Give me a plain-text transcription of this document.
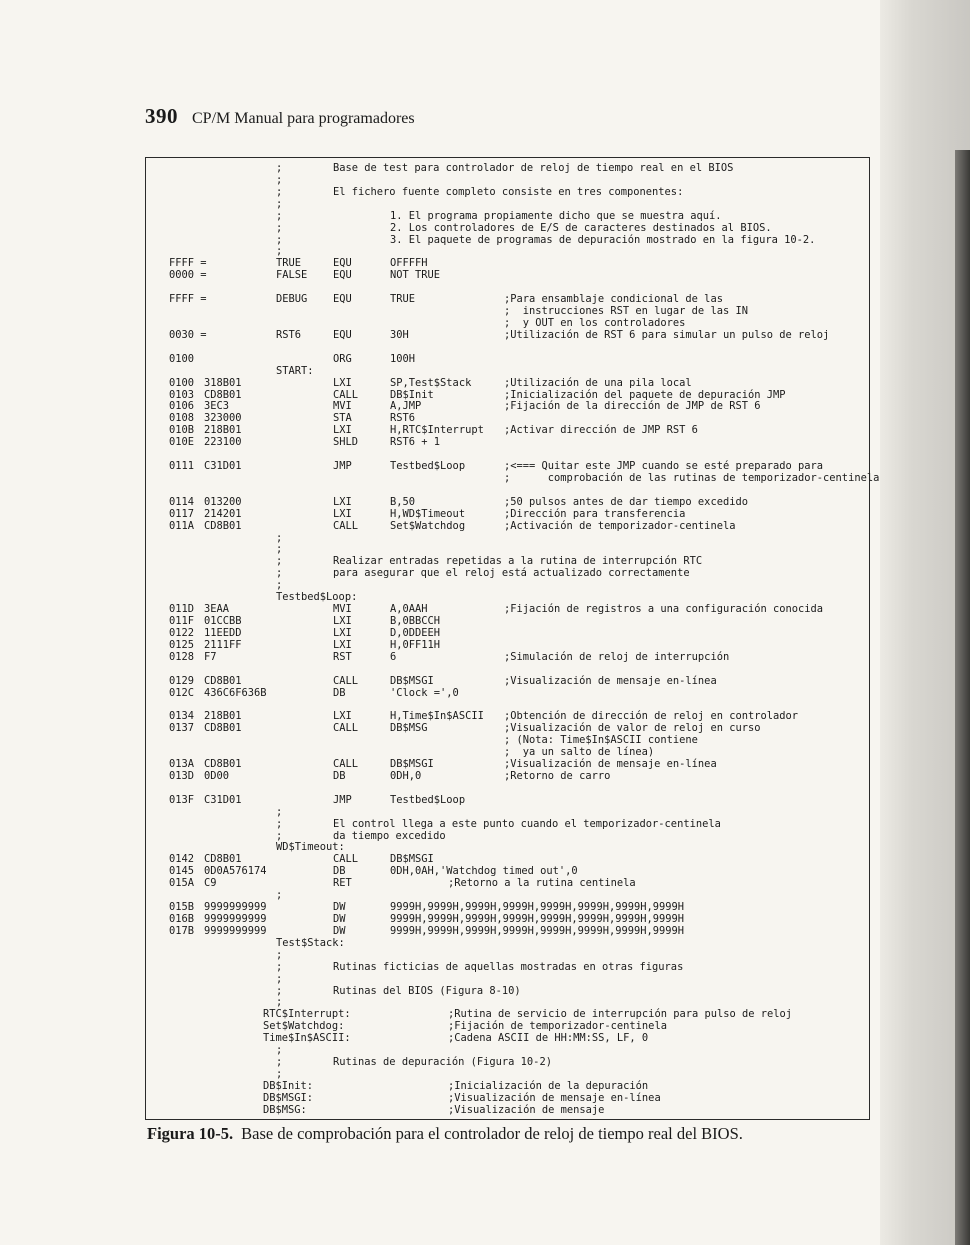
390 CP/M Manual para programadores
;	Base de test para controlador de reloj de tiempo real en el BIOS
;
;	El fichero fuente completo consiste en tres componentes:
;
;	1. El programa propiamente dicho que se muestra aquí.
;	2. Los controladores de E/S de caracteres destinados al BIOS.
;	3. El paquete de programas de depuración mostrado en la figura 10-2.
;
FFFF =	TRUE	EQU	OFFFFH
0000 =	FALSE EQU	NOT TRUE
FFFF =	DEBUG EQU	TRUE	;Para ensamblaje condicional de las
;  instrucciones RST en lugar de las IN
;  y OUT en los controladores
0030 =	RST6	EQU	30H	;Utilización de RST 6 para simular un pulso de reloj
0100	ORG	100H
START:
0100 318B01	LXI	SP,Test$Stack	;Utilización de una pila local
0103 CD8B01	CALL	DB$Init	;Inicialización del paquete de depuración JMP
0106 3EC3	MVI	A,JMP	;Fijación de la dirección de JMP de RST 6
0108 323000	STA	RST6
010B 218B01	LXI	H,RTC$Interrupt ;Activar dirección de JMP RST 6
010E 223100	SHLD	RST6 + 1
0111 C31D01	JMP	Testbed$Loop	;<=== Quitar este JMP cuando se esté preparado para
;      comprobación de las rutinas de temporizador-centinela
0114 013200	LXI	B,50	;50 pulsos antes de dar tiempo excedido
0117 214201	LXI	H,WD$Timeout	;Dirección para transferencia
011A CD8B01	CALL	Set$Watchdog	;Activación de temporizador-centinela
;
;
;	Realizar entradas repetidas a la rutina de interrupción RTC
;	para asegurar que el reloj está actualizado correctamente
;
Testbed$Loop:
011D 3EAA	MVI	A,0AAH	;Fijación de registros a una configuración conocida
011F 01CCBB	LXI	B,0BBCCH
0122 11EEDD	LXI	D,0DDEEH
0125 2111FF	LXI	H,0FF11H
0128 F7	RST	6	;Simulación de reloj de interrupción
0129 CD8B01	CALL	DB$MSGI	;Visualización de mensaje en-línea
012C 436C6F636B	DB	'Clock =',0
0134 218B01	LXI	H,Time$In$ASCII ;Obtención de dirección de reloj en controlador
0137 CD8B01	CALL	DB$MSG	;Visualización de valor de reloj en curso
; (Nota: Time$In$ASCII contiene
;  ya un salto de línea)
013A CD8B01	CALL	DB$MSGI	;Visualización de mensaje en-línea
013D 0D00	DB	0DH,0	;Retorno de carro
013F C31D01	JMP	Testbed$Loop
;
;	El control llega a este punto cuando el temporizador-centinela
;	da tiempo excedido
WD$Timeout:
0142 CD8B01	CALL	DB$MSGI
0145 0D0A576174	DB	0DH,0AH,'Watchdog timed out',0
015A C9	RET	;Retorno a la rutina centinela
;
015B 9999999999	DW	9999H,9999H,9999H,9999H,9999H,9999H,9999H,9999H
016B 9999999999	DW	9999H,9999H,9999H,9999H,9999H,9999H,9999H,9999H
017B 9999999999	DW	9999H,9999H,9999H,9999H,9999H,9999H,9999H,9999H
Test$Stack:
;
;	Rutinas ficticias de aquellas mostradas en otras figuras
;
;	Rutinas del BIOS (Figura 8-10)
;
RTC$Interrupt:	;Rutina de servicio de interrupción para pulso de reloj
Set$Watchdog:	;Fijación de temporizador-centinela
Time$In$ASCII:	;Cadena ASCII de HH:MM:SS, LF, 0
;
;	Rutinas de depuración (Figura 10-2)
;
DB$Init:	;Inicialización de la depuración
DB$MSGI:	;Visualización de mensaje en-línea
DB$MSG:	;Visualización de mensaje
Figura 10-5. Base de comprobación para el controlador de reloj de tiempo real del BIOS.
